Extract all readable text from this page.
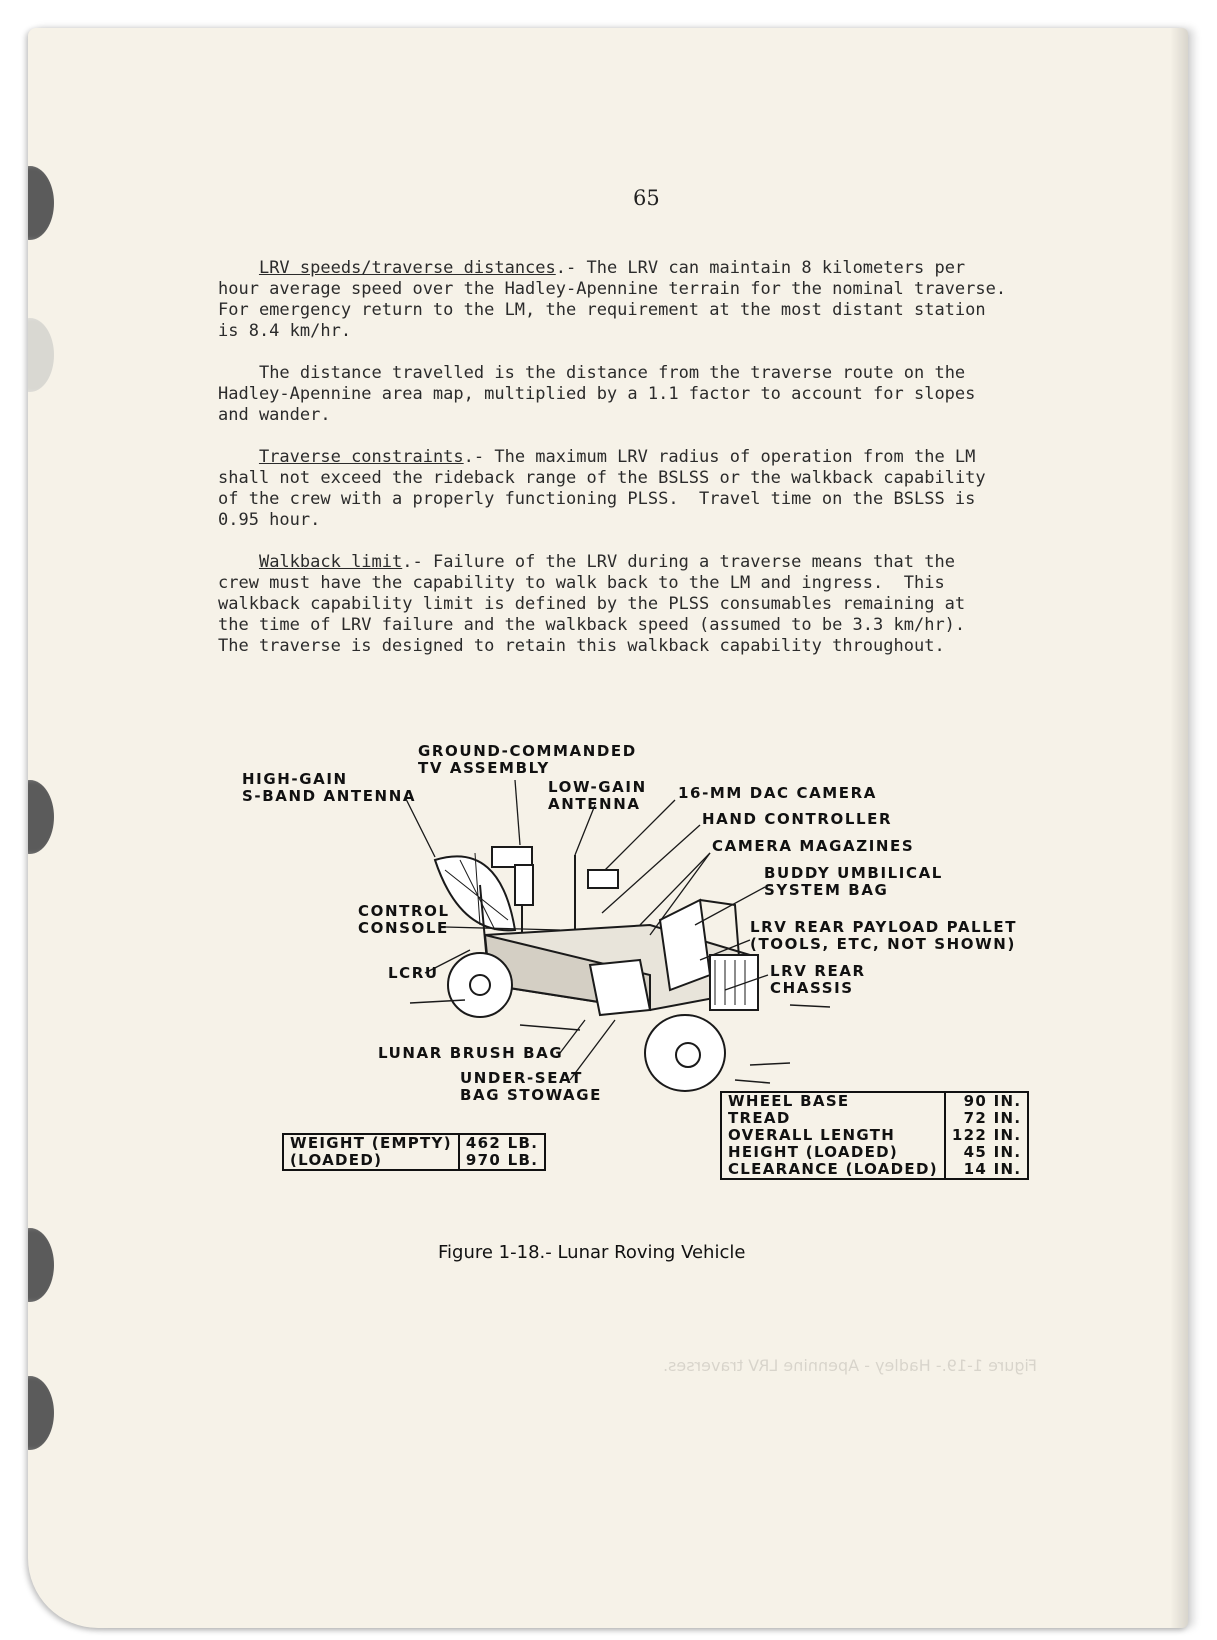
Figure 1-19.- Hadley - Apennine LRV traverses.
65

LRV speeds/traverse distances.- The LRV can maintain 8 kilometers per
hour average speed over the Hadley-Apennine terrain for the nominal traverse.
For emergency return to the LM, the requirement at the most distant station
is 8.4 km/hr.

The distance travelled is the distance from the traverse route on the
Hadley-Apennine area map, multiplied by a 1.1 factor to account for slopes
and wander.

Traverse constraints.- The maximum LRV radius of operation from the LM
shall not exceed the rideback range of the BSLSS or the walkback capability
of the crew with a properly functioning PLSS.  Travel time on the BSLSS is
0.95 hour.

Walkback limit.- Failure of the LRV during a traverse means that the
crew must have the capability to walk back to the LM and ingress.  This
walkback capability limit is defined by the PLSS consumables remaining at
the time of LRV failure and the walkback speed (assumed to be 3.3 km/hr).
The traverse is designed to retain this walkback capability throughout.

GROUND-COMMANDED
TV ASSEMBLY
HIGH-GAIN
S-BAND ANTENNA	LOW-GAIN
ANTENNA
16-MM DAC CAMERA
HAND CONTROLLER
CAMERA MAGAZINES
BUDDY UMBILICAL
SYSTEM BAG
LRV REAR PAYLOAD PALLET
(TOOLS, ETC, NOT SHOWN)
LRV REAR
CHASSIS
CONTROL
CONSOLE
LCRU
LUNAR BRUSH BAG
UNDER-SEAT
BAG STOWAGE
WEIGHT (EMPTY)	462 LB.
(LOADED)	970 LB.
WHEEL BASE	90 IN.
TREAD	72 IN.
OVERALL LENGTH	122 IN.
HEIGHT (LOADED)	45 IN.
CLEARANCE (LOADED)	14 IN.
Figure 1-18.- Lunar Roving Vehicle
